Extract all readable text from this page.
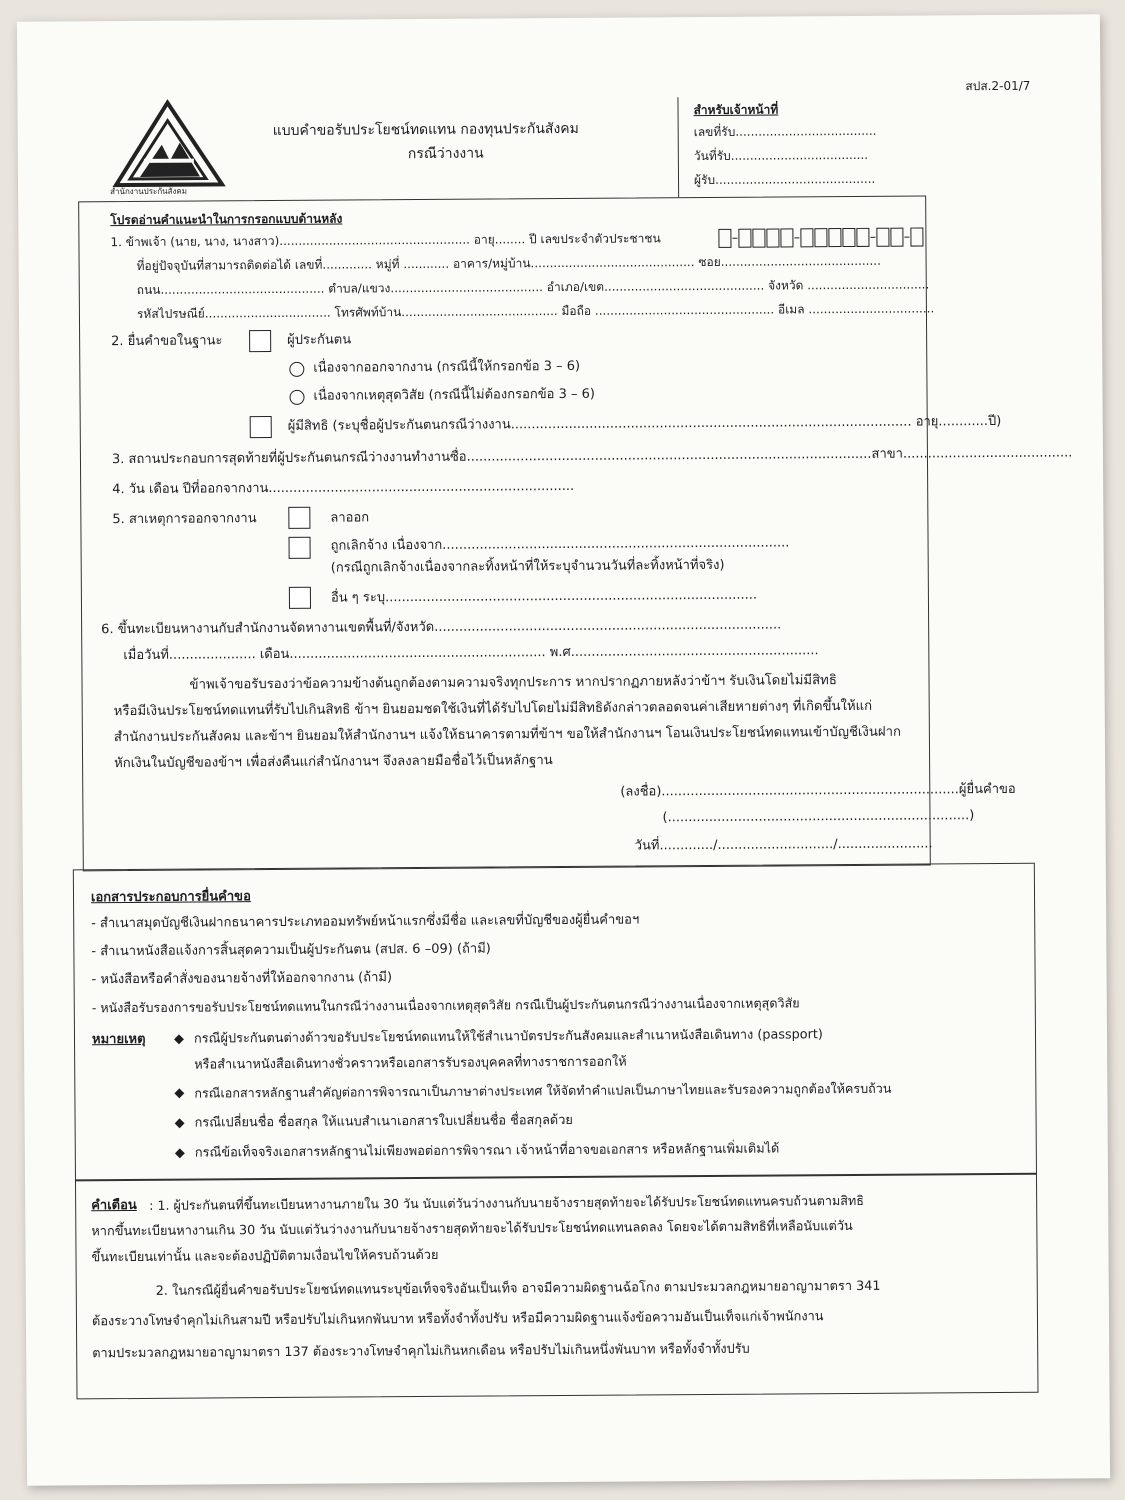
สปส.2-01/7
สำนักงานประกันสังคม
แบบคำขอรับประโยชน์ทดแทน กองทุนประกันสังคม
กรณีว่างงาน
สำหรับเจ้าหน้าที่
เลขที่รับ.....................................
วันที่รับ....................................
ผู้รับ..........................................
โปรดอ่านคำแนะนำในการกรอกแบบด้านหลัง
1. ข้าพเจ้า (นาย, นาง, นางสาว).................................................. อายุ........ ปี เลขประจำตัวประชาชน
ที่อยู่ปัจจุบันที่สามารถติดต่อได้ เลขที่............. หมู่ที่ ............ อาคาร/หมู่บ้าน........................................... ซอย..........................................
ถนน........................................... ตำบล/แขวง........................................ อำเภอ/เขต.......................................... จังหวัด ................................
รหัสไปรษณีย์................................. โทรศัพท์บ้าน......................................... มือถือ ............................................... อีเมล .................................
2. ยื่นคำขอในฐานะ	ผู้ประกันตน
เนื่องจากออกจากงาน (กรณีนี้ให้กรอกข้อ 3 – 6)
เนื่องจากเหตุสุดวิสัย (กรณีนี้ไม่ต้องกรอกข้อ 3 – 6)
ผู้มีสิทธิ (ระบุชื่อผู้ประกันตนกรณีว่างงาน................................................................................................. อายุ............ปี)
3. สถานประกอบการสุดท้ายที่ผู้ประกันตนกรณีว่างงานทำงานซื่อ..................................................................................................สาขา.........................................
4. วัน เดือน ปีที่ออกจากงาน..........................................................................
5. สาเหตุการออกจากงาน	ลาออก
ถูกเลิกจ้าง เนื่องจาก....................................................................................
(กรณีถูกเลิกจ้างเนื่องจากละทิ้งหน้าที่ให้ระบุจำนวนวันที่ละทิ้งหน้าที่จริง)
อื่น ๆ ระบุ..........................................................................................
6. ขึ้นทะเบียนหางานกับสำนักงานจัดหางานเขตพื้นที่/จังหวัด....................................................................................
เมื่อวันที่..................... เดือน.............................................................. พ.ศ............................................................
ข้าพเจ้าขอรับรองว่าข้อความข้างต้นถูกต้องตามความจริงทุกประการ หากปรากฏภายหลังว่าข้าฯ รับเงินโดยไม่มีสิทธิ
หรือมีเงินประโยชน์ทดแทนที่รับไปเกินสิทธิ ข้าฯ ยินยอมชดใช้เงินที่ได้รับไปโดยไม่มีสิทธิดังกล่าวตลอดจนค่าเสียหายต่างๆ ที่เกิดขึ้นให้แก่
สำนักงานประกันสังคม และข้าฯ ยินยอมให้สำนักงานฯ แจ้งให้ธนาคารตามที่ข้าฯ ขอให้สำนักงานฯ โอนเงินประโยชน์ทดแทนเข้าบัญชีเงินฝาก
หักเงินในบัญชีของข้าฯ เพื่อส่งคืนแก่สำนักงานฯ จึงลงลายมือชื่อไว้เป็นหลักฐาน
(ลงชื่อ)........................................................................ผู้ยื่นคำขอ
(.........................................................................)
วันที่............./............................/.......................
เอกสารประกอบการยื่นคำขอ
- สำเนาสมุดบัญชีเงินฝากธนาคารประเภทออมทรัพย์หน้าแรกซึ่งมีชื่อ และเลขที่บัญชีของผู้ยื่นคำขอฯ
- สำเนาหนังสือแจ้งการสิ้นสุดความเป็นผู้ประกันตน (สปส. 6 –09) (ถ้ามี)
- หนังสือหรือคำสั่งของนายจ้างที่ให้ออกจากงาน (ถ้ามี)
- หนังสือรับรองการขอรับประโยชน์ทดแทนในกรณีว่างงานเนื่องจากเหตุสุดวิสัย กรณีเป็นผู้ประกันตนกรณีว่างงานเนื่องจากเหตุสุดวิสัย
หมายเหตุ ◆ กรณีผู้ประกันตนต่างด้าวขอรับประโยชน์ทดแทนให้ใช้สำเนาบัตรประกันสังคมและสำเนาหนังสือเดินทาง (passport)
หรือสำเนาหนังสือเดินทางชั่วคราวหรือเอกสารรับรองบุคคลที่ทางราชการออกให้
◆ กรณีเอกสารหลักฐานสำคัญต่อการพิจารณาเป็นภาษาต่างประเทศ ให้จัดทำคำแปลเป็นภาษาไทยและรับรองความถูกต้องให้ครบถ้วน
◆ กรณีเปลี่ยนชื่อ ชื่อสกุล ให้แนบสำเนาเอกสารใบเปลี่ยนชื่อ ชื่อสกุลด้วย
◆ กรณีข้อเท็จจริงเอกสารหลักฐานไม่เพียงพอต่อการพิจารณา เจ้าหน้าที่อาจขอเอกสาร หรือหลักฐานเพิ่มเติมได้
คำเตือน : 1. ผู้ประกันตนที่ขึ้นทะเบียนหางานภายใน 30 วัน นับแต่วันว่างงานกับนายจ้างรายสุดท้ายจะได้รับประโยชน์ทดแทนครบถ้วนตามสิทธิ
หากขึ้นทะเบียนหางานเกิน 30 วัน นับแต่วันว่างงานกับนายจ้างรายสุดท้ายจะได้รับประโยชน์ทดแทนลดลง โดยจะได้ตามสิทธิที่เหลือนับแต่วัน
ขึ้นทะเบียนเท่านั้น และจะต้องปฏิบัติตามเงื่อนไขให้ครบถ้วนด้วย
2. ในกรณีผู้ยื่นคำขอรับประโยชน์ทดแทนระบุข้อเท็จจริงอันเป็นเท็จ อาจมีความผิดฐานฉ้อโกง ตามประมวลกฎหมายอาญามาตรา 341
ต้องระวางโทษจำคุกไม่เกินสามปี หรือปรับไม่เกินหกพันบาท หรือทั้งจำทั้งปรับ หรือมีความผิดฐานแจ้งข้อความอันเป็นเท็จแก่เจ้าพนักงาน
ตามประมวลกฎหมายอาญามาตรา 137 ต้องระวางโทษจำคุกไม่เกินหกเดือน หรือปรับไม่เกินหนึ่งพันบาท หรือทั้งจำทั้งปรับ
